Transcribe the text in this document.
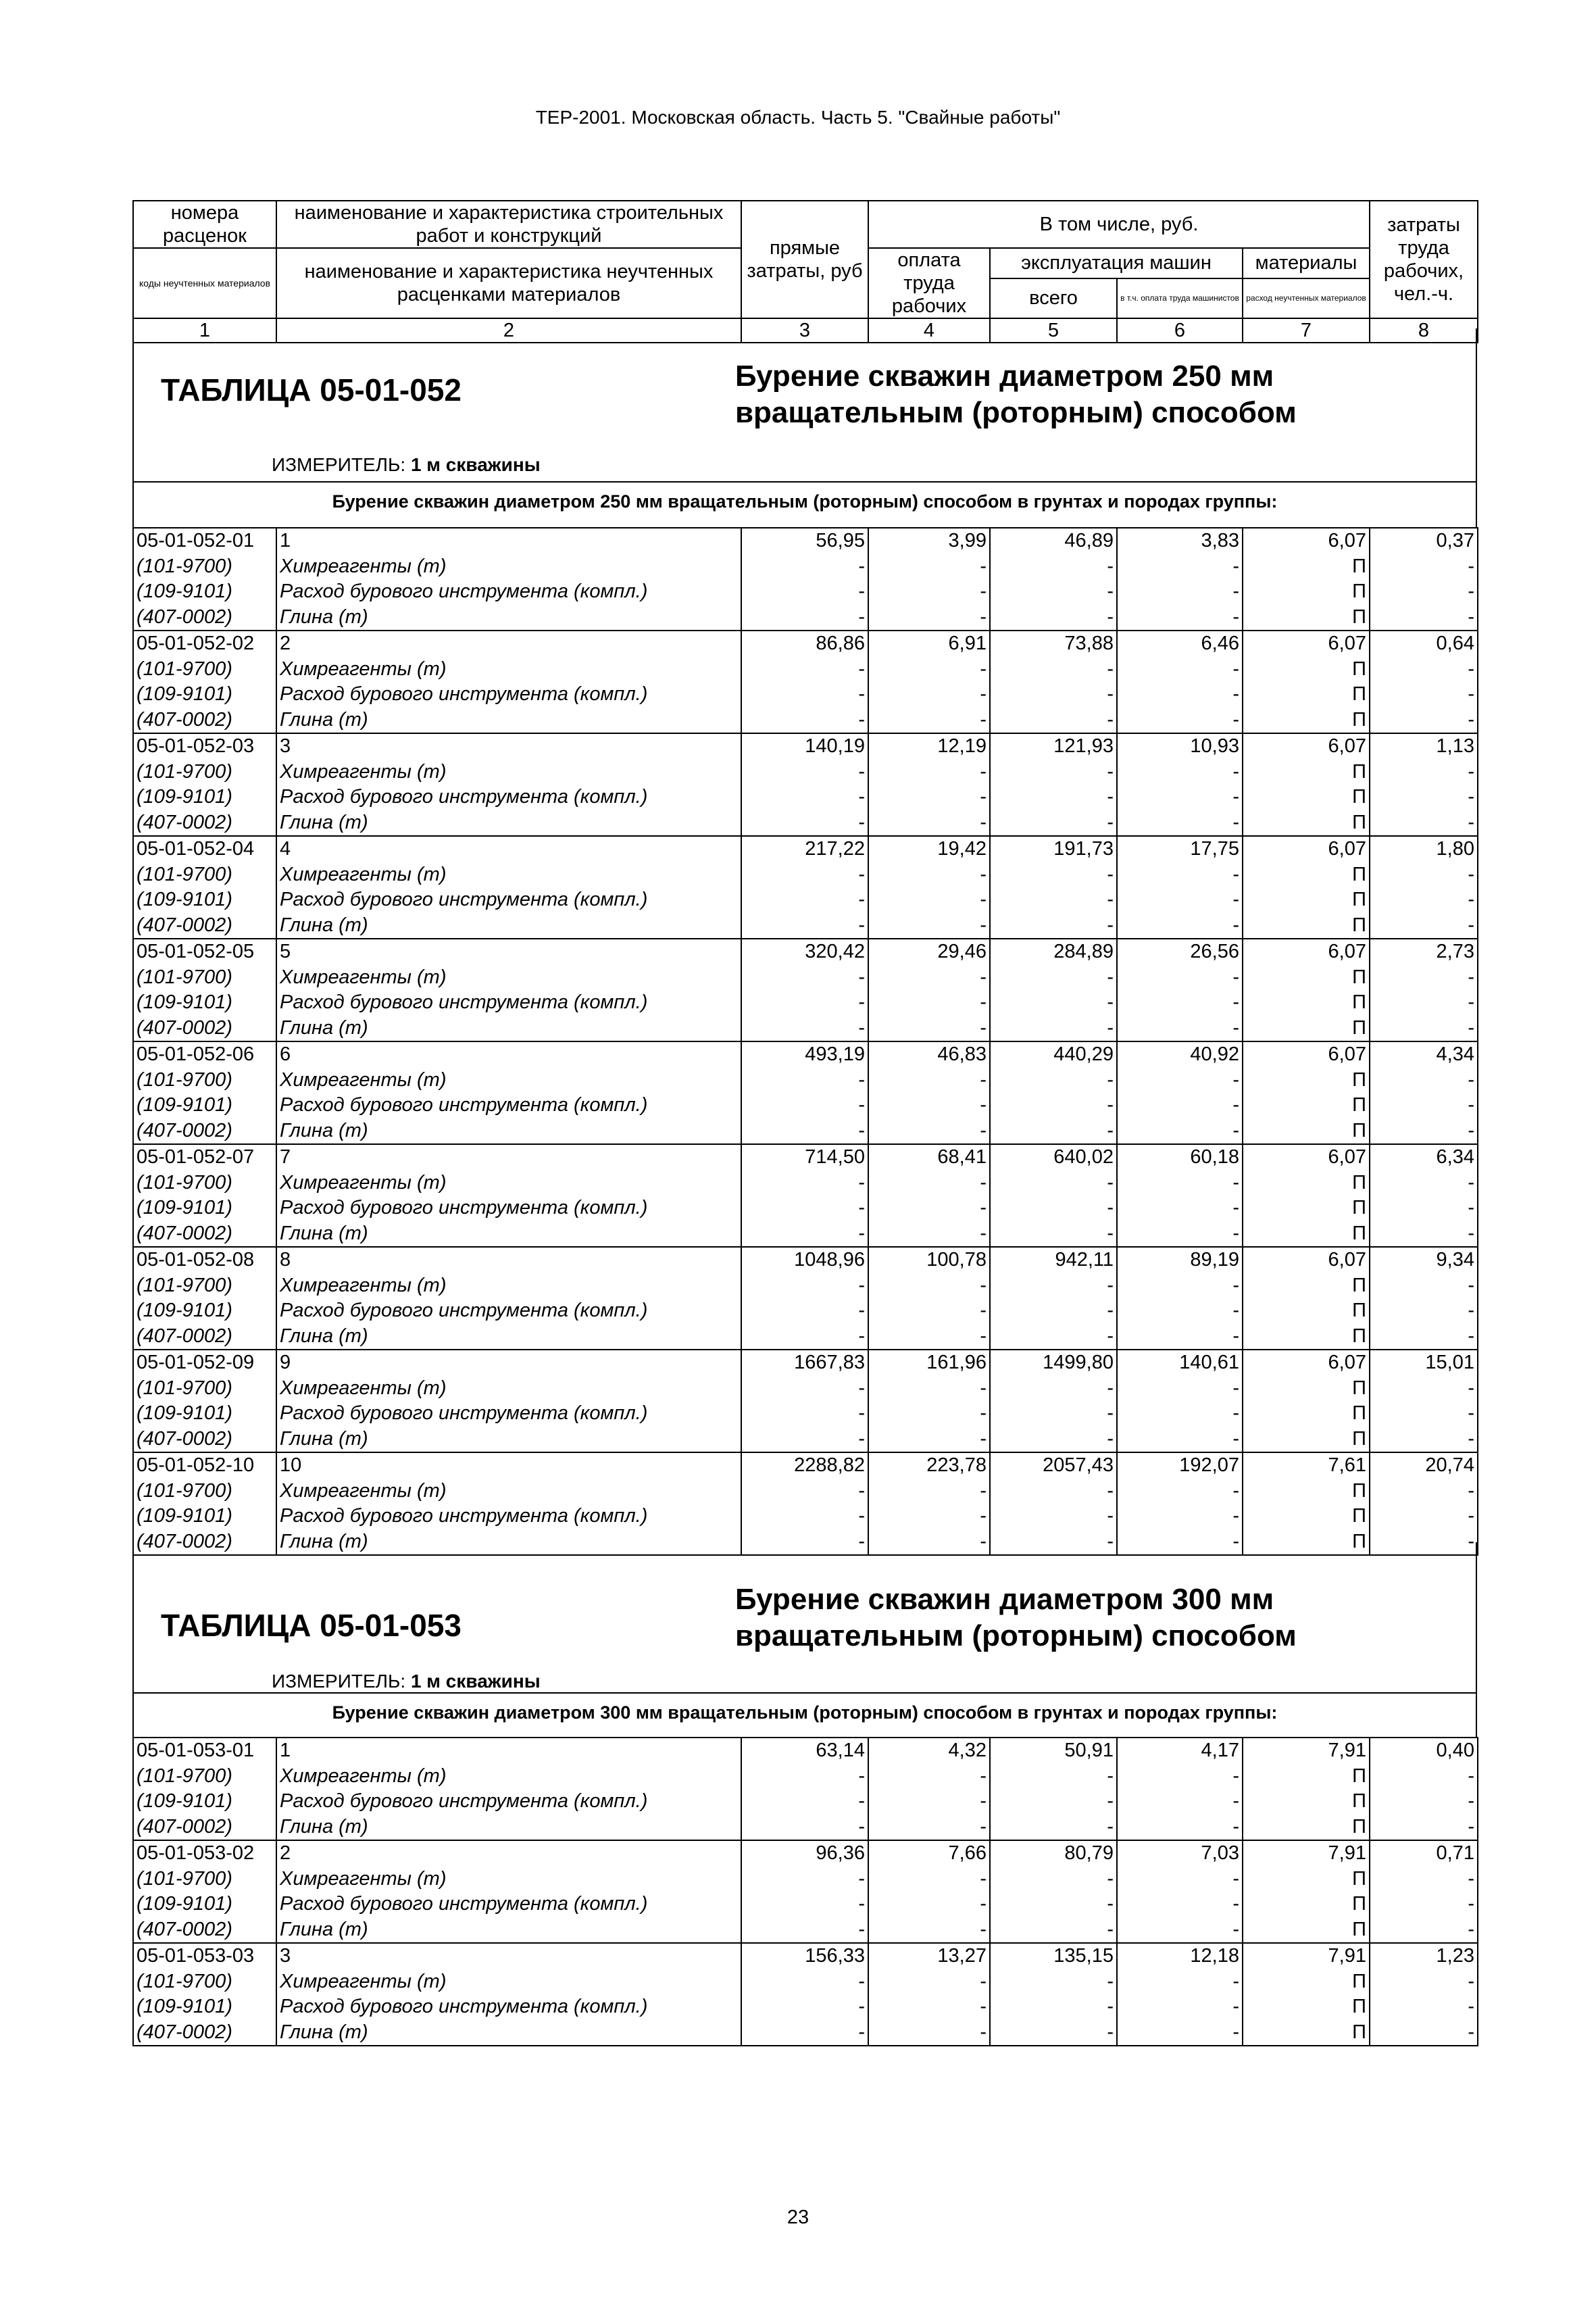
ТЕР-2001. Московская область. Часть 5. "Свайные работы"
номера расценок	наименование и характеристика строительных работ и конструкций	прямые затраты, руб	В том числе, руб.				затраты труда рабочих, чел.-ч.
коды неучтенных материалов	наименование и характеристика неучтенных расценками материалов		оплата труда рабочих	эксплуатация машин		материалы	
				всего	в т.ч. оплата труда машинистов	расход неучтенных материалов	
1	2	3	4	5	6	7	8
ТАБЛИЦА 05-01-052	Бурение скважин диаметром 250 мм
вращательным (роторным) способом
ИЗМЕРИТЕЛЬ: 1 м скважины
Бурение скважин диаметром 250 мм вращательным (роторным) способом в грунтах и породах группы:
05-01-052-01	1	56,95	3,99	46,89	3,83	6,07	0,37
(101-9700)	Химреагенты (т)	-	-	-	-	П	-
(109-9101)	Расход бурового инструмента (компл.)	-	-	-	-	П	-
(407-0002)	Глина (т)	-	-	-	-	П	-
05-01-052-02	2	86,86	6,91	73,88	6,46	6,07	0,64
(101-9700)	Химреагенты (т)	-	-	-	-	П	-
(109-9101)	Расход бурового инструмента (компл.)	-	-	-	-	П	-
(407-0002)	Глина (т)	-	-	-	-	П	-
05-01-052-03	3	140,19	12,19	121,93	10,93	6,07	1,13
(101-9700)	Химреагенты (т)	-	-	-	-	П	-
(109-9101)	Расход бурового инструмента (компл.)	-	-	-	-	П	-
(407-0002)	Глина (т)	-	-	-	-	П	-
05-01-052-04	4	217,22	19,42	191,73	17,75	6,07	1,80
(101-9700)	Химреагенты (т)	-	-	-	-	П	-
(109-9101)	Расход бурового инструмента (компл.)	-	-	-	-	П	-
(407-0002)	Глина (т)	-	-	-	-	П	-
05-01-052-05	5	320,42	29,46	284,89	26,56	6,07	2,73
(101-9700)	Химреагенты (т)	-	-	-	-	П	-
(109-9101)	Расход бурового инструмента (компл.)	-	-	-	-	П	-
(407-0002)	Глина (т)	-	-	-	-	П	-
05-01-052-06	6	493,19	46,83	440,29	40,92	6,07	4,34
(101-9700)	Химреагенты (т)	-	-	-	-	П	-
(109-9101)	Расход бурового инструмента (компл.)	-	-	-	-	П	-
(407-0002)	Глина (т)	-	-	-	-	П	-
05-01-052-07	7	714,50	68,41	640,02	60,18	6,07	6,34
(101-9700)	Химреагенты (т)	-	-	-	-	П	-
(109-9101)	Расход бурового инструмента (компл.)	-	-	-	-	П	-
(407-0002)	Глина (т)	-	-	-	-	П	-
05-01-052-08	8	1048,96	100,78	942,11	89,19	6,07	9,34
(101-9700)	Химреагенты (т)	-	-	-	-	П	-
(109-9101)	Расход бурового инструмента (компл.)	-	-	-	-	П	-
(407-0002)	Глина (т)	-	-	-	-	П	-
05-01-052-09	9	1667,83	161,96	1499,80	140,61	6,07	15,01
(101-9700)	Химреагенты (т)	-	-	-	-	П	-
(109-9101)	Расход бурового инструмента (компл.)	-	-	-	-	П	-
(407-0002)	Глина (т)	-	-	-	-	П	-
05-01-052-10	10	2288,82	223,78	2057,43	192,07	7,61	20,74
(101-9700)	Химреагенты (т)	-	-	-	-	П	-
(109-9101)	Расход бурового инструмента (компл.)	-	-	-	-	П	-
(407-0002)	Глина (т)	-	-	-	-	П	-
ТАБЛИЦА 05-01-053
Бурение скважин диаметром 300 мм
вращательным (роторным) способом
ИЗМЕРИТЕЛЬ: 1 м скважины
Бурение скважин диаметром 300 мм вращательным (роторным) способом в грунтах и породах группы:
05-01-053-01	1	63,14	4,32	50,91	4,17	7,91	0,40
(101-9700)	Химреагенты (т)	-	-	-	-	П	-
(109-9101)	Расход бурового инструмента (компл.)	-	-	-	-	П	-
(407-0002)	Глина (т)	-	-	-	-	П	-
05-01-053-02	2	96,36	7,66	80,79	7,03	7,91	0,71
(101-9700)	Химреагенты (т)	-	-	-	-	П	-
(109-9101)	Расход бурового инструмента (компл.)	-	-	-	-	П	-
(407-0002)	Глина (т)	-	-	-	-	П	-
05-01-053-03	3	156,33	13,27	135,15	12,18	7,91	1,23
(101-9700)	Химреагенты (т)	-	-	-	-	П	-
(109-9101)	Расход бурового инструмента (компл.)	-	-	-	-	П	-
(407-0002)	Глина (т)	-	-	-	-	П	-
23
